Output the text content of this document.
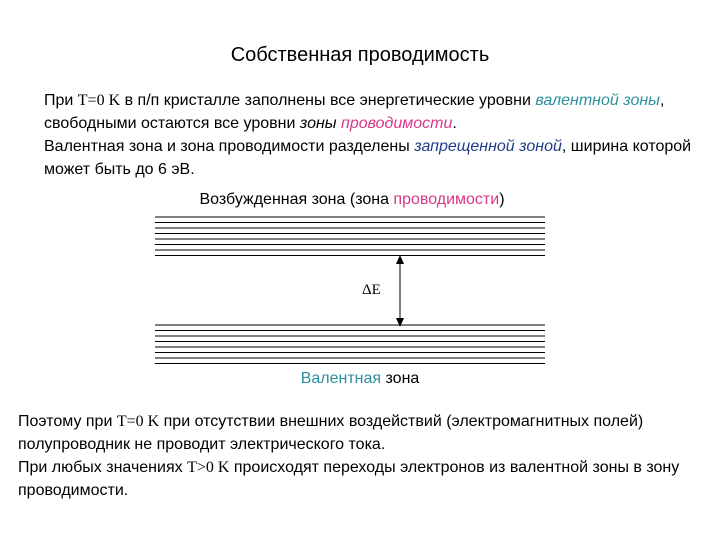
Собственная проводимость
При T=0 K в п/п кристалле заполнены все энергетические уровни валентной зоны, свободными остаются все уровни зоны проводимости.
Валентная зона и зона проводимости разделены запрещенной зоной, ширина которой может быть до 6 эВ.
Возбужденная зона (зона проводимости)
ΔE
Валентная зона
Поэтому при T=0 K при отсутствии внешних воздействий (электромагнитных полей) полупроводник не проводит электрического тока.
При любых значениях T>0 K происходят переходы электронов из валентной зоны в зону проводимости.
